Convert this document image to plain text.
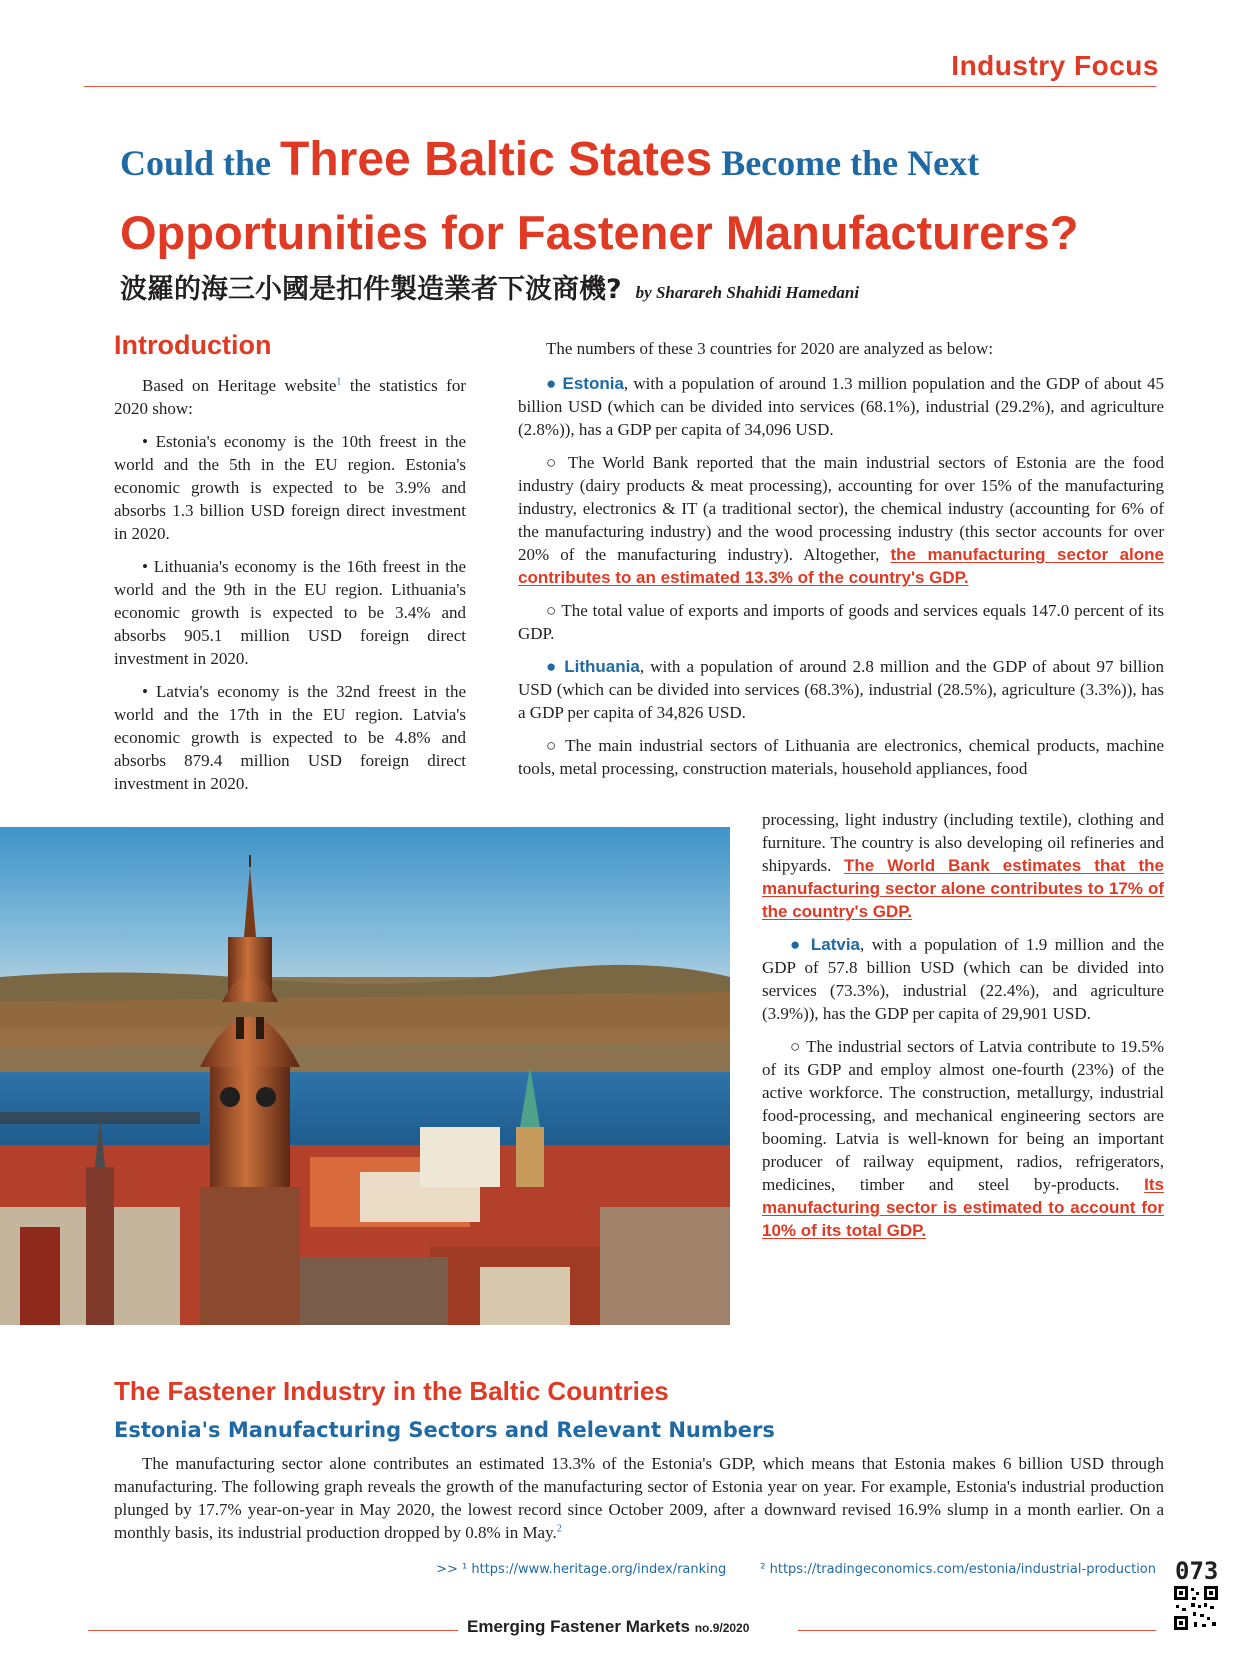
Industry Focus
Could the Three Baltic States Become the Next
Opportunities for Fastener Manufacturers?
波羅的海三小國是扣件製造業者下波商機? by Sharareh Shahidi Hamedani
Introduction

Based on Heritage website$^1$ the statistics for 2020 show:

• Estonia's economy is the 10th freest in the world and the 5th in the EU region. Estonia's economic growth is expected to be 3.9% and absorbs 1.3 billion USD foreign direct investment in 2020.

• Lithuania's economy is the 16th freest in the world and the 9th in the EU region. Lithuania's economic growth is expected to be 3.4% and absorbs 905.1 million USD foreign direct investment in 2020.

• Latvia's economy is the 32nd freest in the world and the 17th in the EU region. Latvia's economic growth is expected to be 4.8% and absorbs 879.4 million USD foreign direct investment in 2020.

The numbers of these 3 countries for 2020 are analyzed as below:

● Estonia, with a population of around 1.3 million population and the GDP of about 45 billion USD (which can be divided into services (68.1%), industrial (29.2%), and agriculture (2.8%)), has a GDP per capita of 34,096 USD.

○ The World Bank reported that the main industrial sectors of Estonia are the food industry (dairy products & meat processing), accounting for over 15% of the manufacturing industry, electronics & IT (a traditional sector), the chemical industry (accounting for 6% of the manufacturing industry) and the wood processing industry (this sector accounts for over 20% of the manufacturing industry). Altogether, the manufacturing sector alone contributes to an estimated 13.3% of the country's GDP.

○ The total value of exports and imports of goods and services equals 147.0 percent of its GDP.

● Lithuania, with a population of around 2.8 million and the GDP of about 97 billion USD (which can be divided into services (68.3%), industrial (28.5%), agriculture (3.3%)), has a GDP per capita of 34,826 USD.

○ The main industrial sectors of Lithuania are electronics, chemical products, machine tools, metal processing, construction materials, household appliances, food

processing, light industry (including textile), clothing and furniture. The country is also developing oil refineries and shipyards. The World Bank estimates that the manufacturing sector alone contributes to 17% of the country's GDP.

● Latvia, with a population of 1.9 million and the GDP of 57.8 billion USD (which can be divided into services (73.3%), industrial (22.4%), and agriculture (3.9%)), has the GDP per capita of 29,901 USD.

○ The industrial sectors of Latvia contribute to 19.5% of its GDP and employ almost one-fourth (23%) of the active workforce. The construction, metallurgy, industrial food-processing, and mechanical engineering sectors are booming. Latvia is well-known for being an important producer of railway equipment, radios, refrigerators, medicines, timber and steel by-products. Its manufacturing sector is estimated to account for 10% of its total GDP.

The Fastener Industry in the Baltic Countries
Estonia's Manufacturing Sectors and Relevant Numbers

The manufacturing sector alone contributes an estimated 13.3% of the Estonia's GDP, which means that Estonia makes 6 billion USD through manufacturing. The following graph reveals the growth of the manufacturing sector of Estonia year on year. For example, Estonia's industrial production plunged by 17.7% year-on-year in May 2020, the lowest record since October 2009, after a downward revised 16.9% slump in a month earlier. On a monthly basis, its industrial production dropped by 0.8% in May.$^2$

>> ¹ https://www.heritage.org/index/ranking	² https://tradingeconomics.com/estonia/industrial-production
Emerging Fastener Markets no.9/2020
073
